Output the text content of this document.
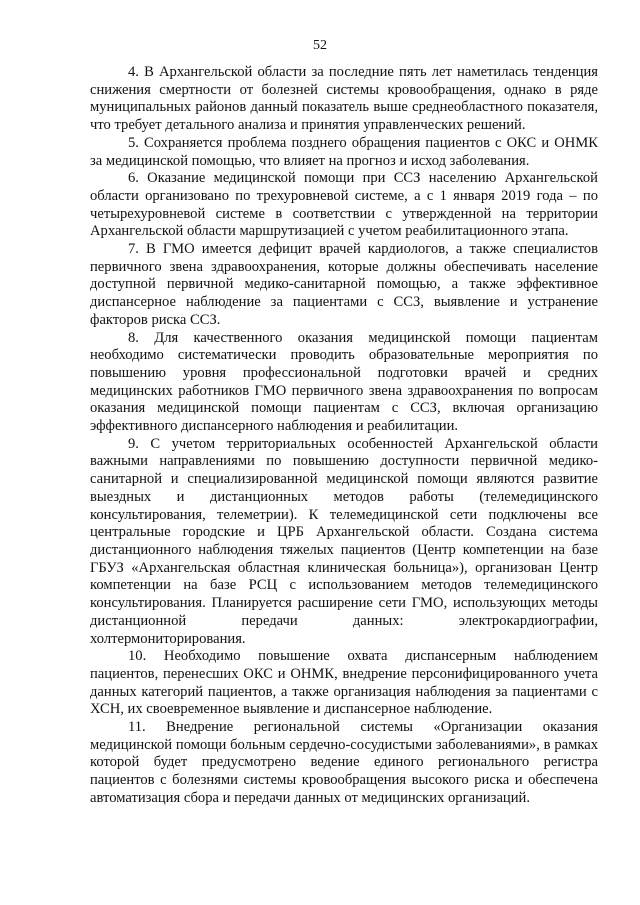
52

4. В Архангельской области за последние пять лет наметилась тенденция снижения смертности от болезней системы кровообращения, однако в ряде муниципальных районов данный показатель выше среднеобластного показателя, что требует детального анализа и принятия управленческих решений.

5. Сохраняется проблема позднего обращения пациентов с ОКС и ОНМК за медицинской помощью, что влияет на прогноз и исход заболевания.

6. Оказание медицинской помощи при ССЗ населению Архангельской области организовано по трехуровневой системе, а с 1 января 2019 года – по четырехуровневой системе в соответствии с утвержденной на территории Архангельской области маршрутизацией с учетом реабилитационного этапа.

7. В ГМО имеется дефицит врачей кардиологов, а также специалистов первичного звена здравоохранения, которые должны обеспечивать население доступной первичной медико-санитарной помощью, а также эффективное диспансерное наблюдение за пациентами с ССЗ, выявление и устранение факторов риска ССЗ.

8. Для качественного оказания медицинской помощи пациентам необходимо систематически проводить образовательные мероприятия по повышению уровня профессиональной подготовки врачей и средних медицинских работников ГМО первичного звена здравоохранения по вопросам оказания медицинской помощи пациентам с ССЗ, включая организацию эффективного диспансерного наблюдения и реабилитации.

9. С учетом территориальных особенностей Архангельской области важными направлениями по повышению доступности первичной медико-санитарной и специализированной медицинской помощи являются развитие выездных и дистанционных методов работы (телемедицинского консультирования, телеметрии). К телемедицинской сети подключены все центральные городские и ЦРБ Архангельской области. Создана система дистанционного наблюдения тяжелых пациентов (Центр компетенции на базе ГБУЗ «Архангельская областная клиническая больница»), организован Центр компетенции на базе РСЦ с использованием методов телемедицинского консультирования. Планируется расширение сети ГМО, использующих методы дистанционной передачи данных: электрокардиографии, холтермониторирования.

10. Необходимо повышение охвата диспансерным наблюдением пациентов, перенесших ОКС и ОНМК, внедрение персонифицированного учета данных категорий пациентов, а также организация наблюдения за пациентами с ХСН, их своевременное выявление и диспансерное наблюдение.

11. Внедрение региональной системы «Организации оказания медицинской помощи больным сердечно-сосудистыми заболеваниями», в рамках которой будет предусмотрено ведение единого регионального регистра пациентов с болезнями системы кровообращения высокого риска и обеспечена автоматизация сбора и передачи данных от медицинских организаций.
